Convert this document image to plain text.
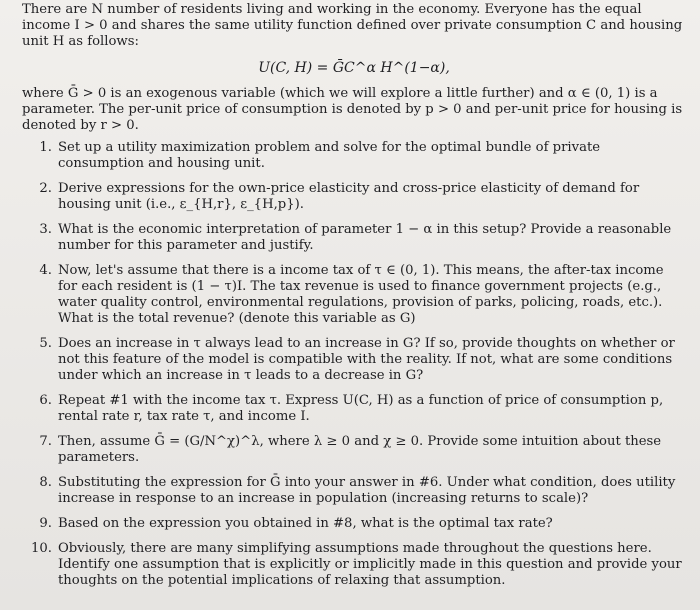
There are N number of residents living and working in the economy. Everyone has the equal income I > 0 and shares the same utility function defined over private consumption C and housing unit H as follows:

U(C, H) = ḠC^α H^(1−α),

where Ḡ > 0 is an exogenous variable (which we will explore a little further) and α ∈ (0, 1) is a parameter. The per-unit price of consumption is denoted by p > 0 and per-unit price for housing is denoted by r > 0.

1 . Set up a utility maximization problem and solve for the optimal bundle of private consumption and housing unit.
2 . Derive expressions for the own-price elasticity and cross-price elasticity of demand for housing unit (i.e., ε_{H,r}, ε_{H,p}).
3 . What is the economic interpretation of parameter 1 − α in this setup? Provide a reasonable number for this parameter and justify.
4 . Now, let's assume that there is a income tax of τ ∈ (0, 1). This means, the after-tax income for each resident is (1 − τ)I. The tax revenue is used to finance government projects (e.g., water quality control, environmental regulations, provision of parks, policing, roads, etc.). What is the total revenue? (denote this variable as G)
5 . Does an increase in τ always lead to an increase in G? If so, provide thoughts on whether or not this feature of the model is compatible with the reality. If not, what are some conditions under which an increase in τ leads to a decrease in G?
6 . Repeat #1 with the income tax τ. Express U(C, H) as a function of price of consumption p, rental rate r, tax rate τ, and income I.
7 . Then, assume Ḡ = (G/N^χ)^λ, where λ ≥ 0 and χ ≥ 0. Provide some intuition about these parameters.
8 . Substituting the expression for Ḡ into your answer in #6. Under what condition, does utility increase in response to an increase in population (increasing returns to scale)?
9 . Based on the expression you obtained in #8, what is the optimal tax rate?
10 . Obviously, there are many simplifying assumptions made throughout the questions here. Identify one assumption that is explicitly or implicitly made in this question and provide your thoughts on the potential implications of relaxing that assumption.
